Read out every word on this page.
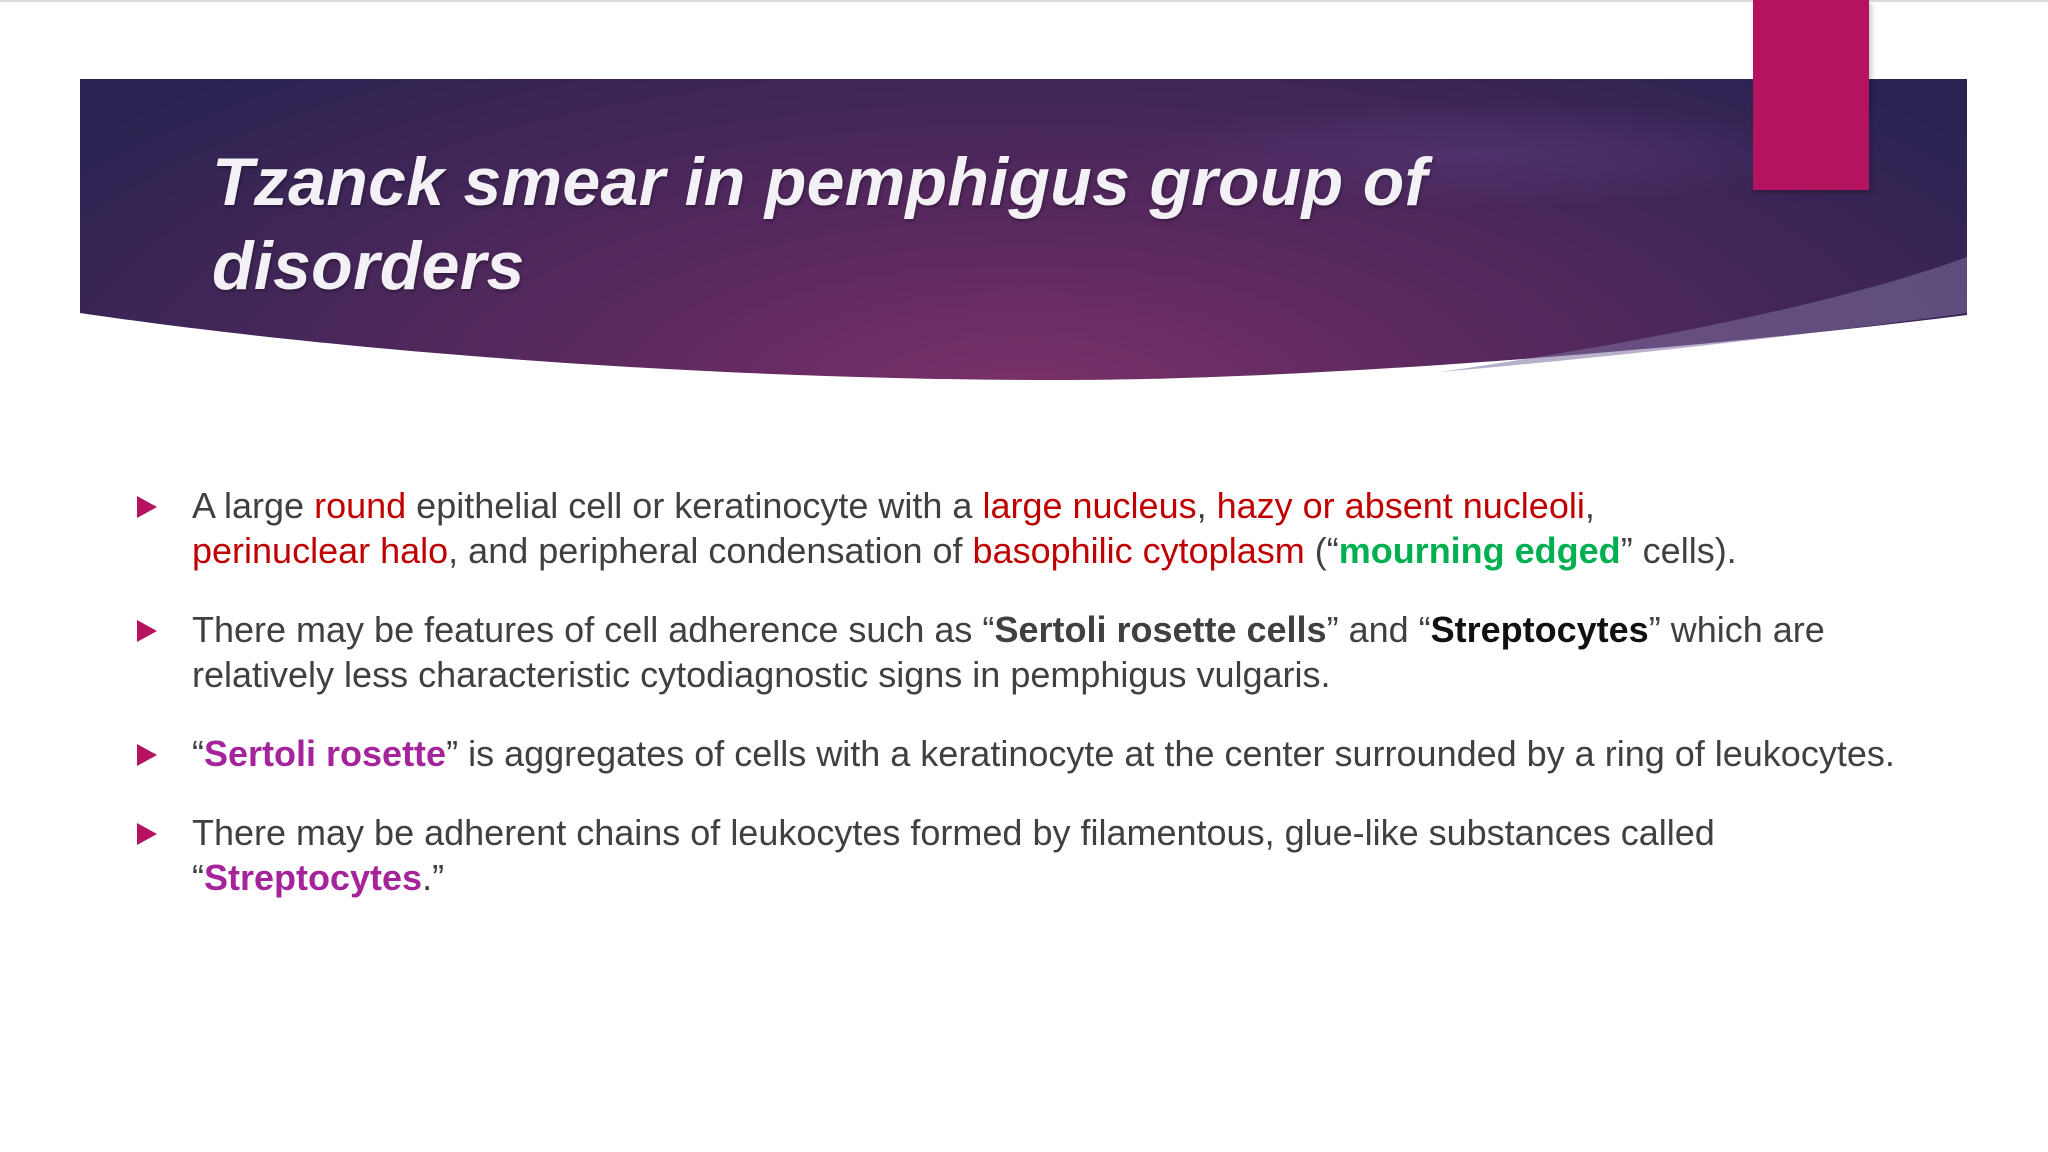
Tzanck smear in pemphigus group of disorders
A large round epithelial cell or keratinocyte with a large nucleus, hazy or absent nucleoli,
perinuclear halo, and peripheral condensation of basophilic cytoplasm (“mourning edged” cells).
There may be features of cell adherence such as “Sertoli rosette cells” and “Streptocytes” which are relatively less characteristic cytodiagnostic signs in pemphigus vulgaris.
“Sertoli rosette” is aggregates of cells with a keratinocyte at the center surrounded by a ring of leukocytes.
There may be adherent chains of leukocytes formed by filamentous, glue-like substances called “Streptocytes.”
